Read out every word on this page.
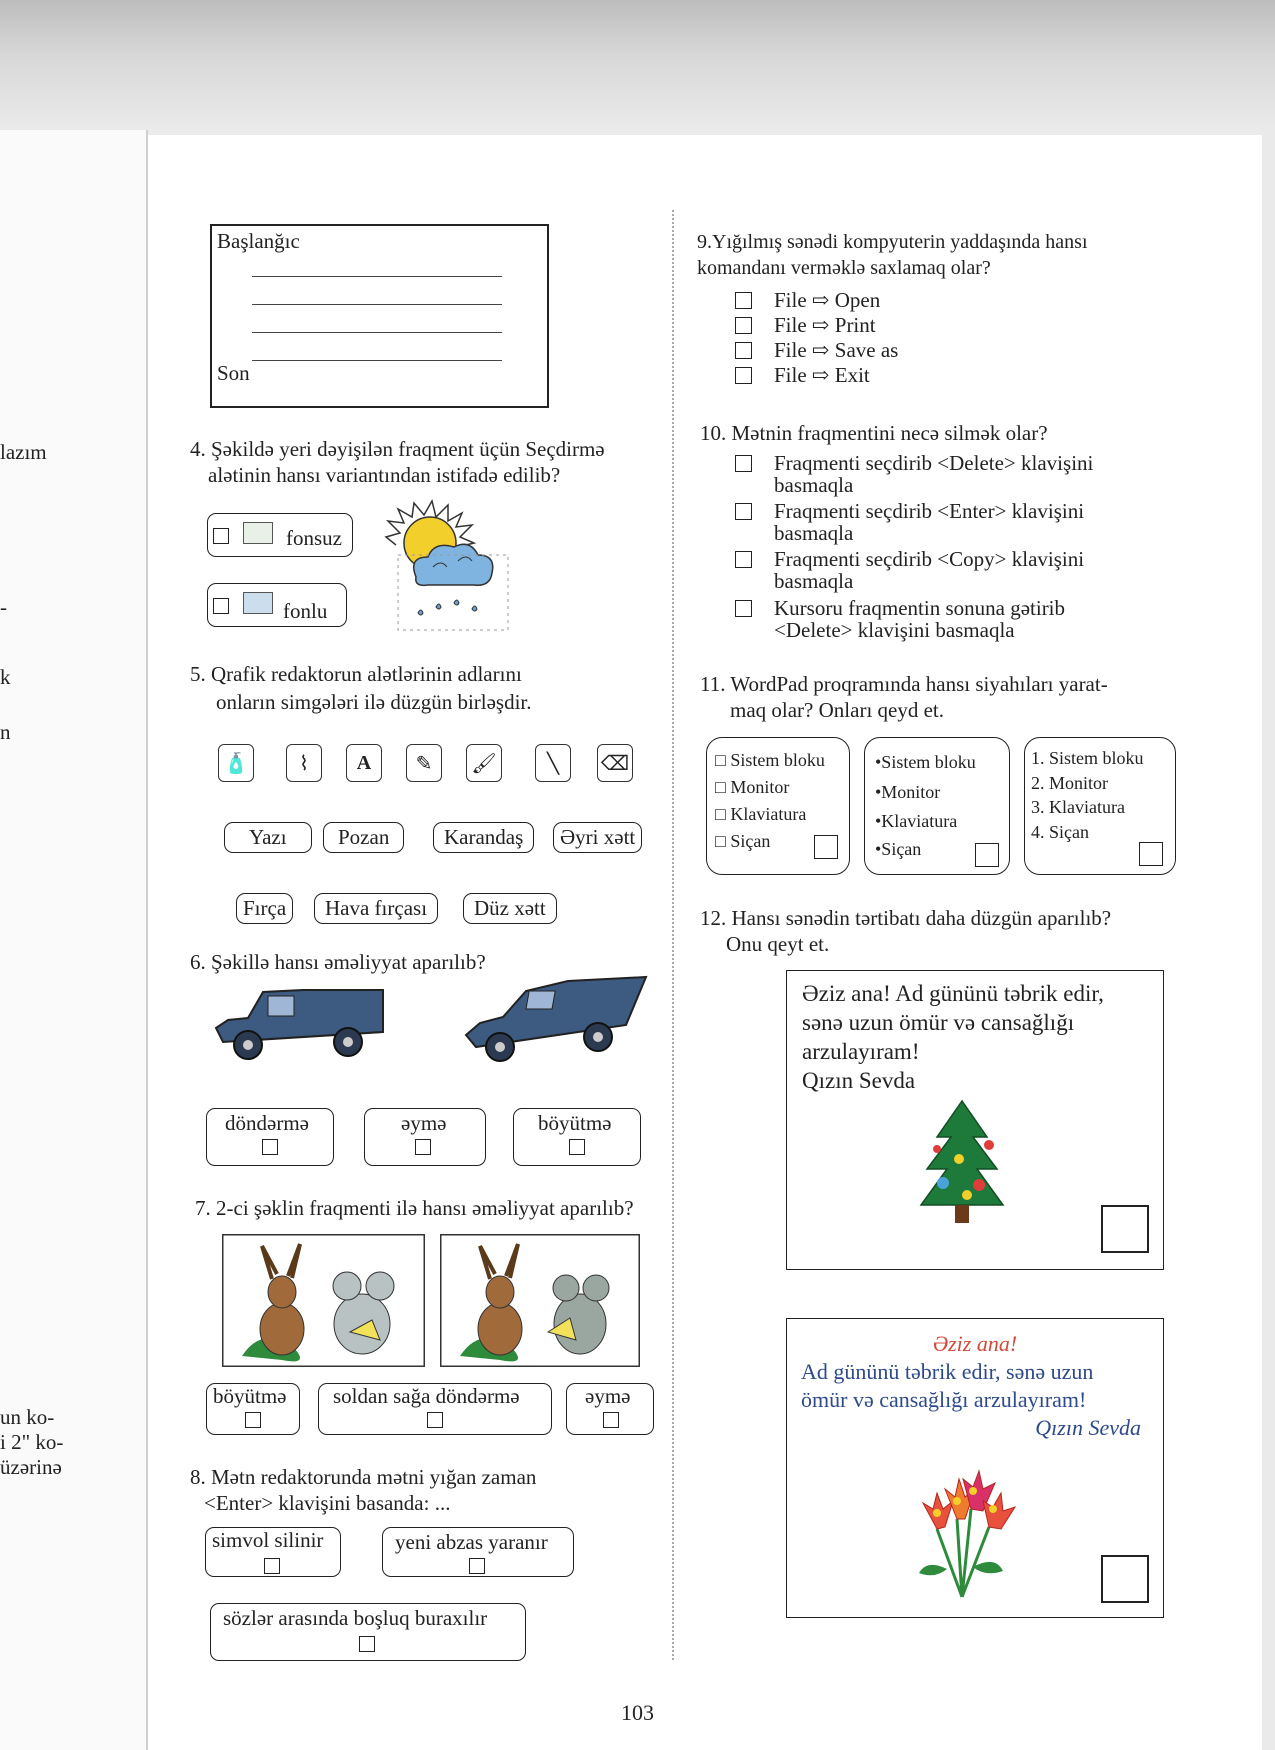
lazım
-
k
n
un ko-
i 2" ko-
üzərinə
Başlanğıc
Son
4. Şəkildə yeri dəyişilən fraqment üçün Seçdirmə
alətinin hansı variantından istifadə edilib?
fonsuz
fonlu
5. Qrafik redaktorun alətlərinin adlarını
onların simgələri ilə düzgün birləşdir.
🧴	⌇	A	✎	🖌	╲	⌫
Yazı	Pozan	Karandaş	Əyri xətt
Fırça	Hava fırçası	Düz xətt
6. Şəkillə hansı əməliyyat aparılıb?
döndərmə	əymə	böyütmə
7. 2-ci şəklin fraqmenti ilə hansı əməliyyat aparılıb?
böyütmə soldan sağa döndərmə	əymə
8. Mətn redaktorunda mətni yığan zaman
<Enter> klavişini basanda: ...
simvol silinir	yeni abzas yaranır
sözlər arasında boşluq buraxılır
9.Yığılmış sənədi kompyuterin yaddaşında hansı
komandanı verməklə saxlamaq olar?
File ⇨ Open
File ⇨ Print
File ⇨ Save as
File ⇨ Exit
10. Mətnin fraqmentini necə silmək olar?
Fraqmenti seçdirib <Delete> klavişini
basmaqla
Fraqmenti seçdirib <Enter> klavişini
basmaqla
Fraqmenti seçdirib <Copy> klavişini
basmaqla
Kursoru fraqmentin sonuna gətirib
<Delete> klavişini basmaqla
11. WordPad proqramında hansı siyahıları yarat-
maq olar? Onları qeyd et.
□ Sistem bloku
□ Monitor
□ Klaviatura
□ Siçan
•Sistem bloku
•Monitor
•Klaviatura
•Siçan
1. Sistem bloku
2. Monitor
3. Klaviatura
4. Siçan
12. Hansı sənədin tərtibatı daha düzgün aparılıb?
Onu qeyt et.
Əziz ana! Ad gününü təbrik edir,
sənə uzun ömür və cansağlığı
arzulayıram!
Qızın Sevda
Əziz ana!
Ad gününü təbrik edir, sənə uzun
ömür və cansağlığı arzulayıram!
Qızın Sevda
103
